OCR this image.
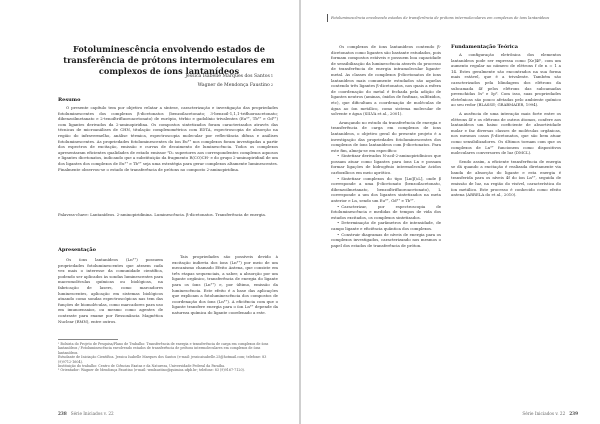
Fotoluminescência envolvendo estados de transferência de prótons intermoleculares em complexos de íons lantanídeos
Jessica Isabelle Marques dos Santos 1
Wagner de Mendonça Faustino 2
Resumo

O presente capítulo tem por objetivo relatar a síntese, caracterização e investigação das propriedades fotoluminescentes dos complexos β-dicetonatos (benzoilacetonato; 3-benzoil-1,1,1-trifluoroacetonato; dibenzoilmetanato e 2-tenoiltrifluoroacetonato) de európio, térbio e gadolínio trivalentes (Eu³⁺, Tb³⁺ e Gd³⁺) com ligantes derivados da 2-aminopiridina. Os compostos sintetizados foram caracterizados através das técnicas de microanálises de CHN, titulação complexométrica com EDTA, espectroscopia de absorção na região do infravermelho, análise térmica, espectroscopia molecular por reflectância difusa e análises fotoluminescentes. As propriedades fotoluminescentes do íon Eu³⁺ nos complexos foram investigadas a partir dos espectros de excitação, emissão e curvas de decaimento de luminescência. Todos os complexos apresentaram eficientes qualidades de estado emissor ⁵D₀ superiores aos correspondentes complexos aquosos e ligantes dicetonatos, indicando que a substituição da fragmento R(CO)CH- e do grupo 2-aminopiridinil de um dos ligantes dos complexos de Eu³⁺ e Tb³⁺ seja uma estratégia para gerar complexos altamente luminescentes. Finalmente observou-se o estado de transferência de prótons no composto 2-aminopiridina.

Palavras-chave: Lantanídeos. 2-aminopiridinina. Luminescência. β-dicetonatos. Transferência de energia.

Apresentação

Os íons lantanídeos (Ln³⁺) possuem propriedades fotoluminescentes que atraem cada vez mais o interesse da comunidade científica, podendo ser aplicados às sondas luminescentes para macromoléculas químicas ou biológicas, na fabricação de lasers, como marcadores luminescentes, aplicação em sistemas biológicos atuando como sondas espectroscópicas nas tem das funções de biomoléculas, como marcadores para uso em imunoensaios, ou mesmo como agentes de contraste para exame por Ressonância Magnética Nuclear (RMN), entre outros.

Tais propriedades são possíveis devido à excitação indireta dos íons (Ln³⁺) por meio de um mecanismo chamado Efeito Antena, que consiste em três etapas sequenciais, a saber, a absorção por um ligante orgânico, transferência de energia do ligante para os íons (Ln³⁺) e, por último, emissão da luminescência. Este efeito é a base das aplicações que explicam a fotoluminescência dos compostos de coordenação dos íons (Ln³⁺). A eficiência com que o ligante transfere energia para o íon Ln³⁺ depende da natureza química do ligante coordenado a este.

¹ Bolsista do Projeto de Pesquisa/Plano de Trabalho: Transferência de energia e transferência de carga em complexos de íons lantanídeos / Fotoluminescência envolvendo estados de transferência de prótons intermoleculares em complexos de íons lantanídeos.
Estudante de Iniciação Científica. Jessica Isabelle Marques dos Santos (e-mail: jessicaisabelle.25@hotmail.com; telefone: 83 (9)9712-1604).
Instituição do trabalho: Centro de Ciências Exatas e da Natureza, Universidade Federal da Paraíba.
² Orientador: Wagner de Mendonça Faustino (e-mail: wmfaustino@quimica.ufpb.br; telefone: 83 (9)9167-7120).
238 Série Iniciados v. 22
Fotoluminescência envolvendo estados de transferência de prótons intermoleculares em complexos de íons lantanídeos

Os complexos de íons lantanídeos contendo β-dicetonatos como ligantes são bastante estudados, pois formam compostos estáveis e possuem boa capacidade de sensibilização da luminescência através do processo de transferência de energia intramolecular ligante-metal. As classes de complexos β-dicetonatos de íons lantanídeos mais comumente estudados são aquelas contendo três ligantes β-dicetonatos, nos quais a esfera de coordenação do metal é fechada pela adição de ligantes neutros (aminas, óxidos de fosfinas, sulfóxidos, etc), que dificultam a coordenação de moléculas de água ao íon metálico, como sistema molecular de solvente e água (SILVA et al., 2001).

Avançando no estudo da transferência de energia e transferência de carga em complexos de íons lantanídeos, o objetivo geral do presente projeto é a investigação das propriedades fotoluminescentes dos complexos de íons lantanídeos com β-dicetonatos. Para este fim, almeja-se em específico:

• Sintetizar derivados N-acil-2-aminopiridínicos que possam atuar como ligantes para íons Ln e possam formar ligações de hidrogênio intermolecular ácidos carboxílicos em meio aprótico.
• Sintetizar complexos do tipo [Ln(β)₃L], onde β corresponde a uma β-dicetonato (benzoilacetonato, dibenzoilmetanato, benzoiltrifluoroacetonato), L corresponde a um dos ligantes sintetizados na meta anterior e Ln, sendo um Eu³⁺, Gd³⁺ e Tb³⁺.
• Caracterizar, por espectroscopia de fotoluminescência e medidas de tempos de vida dos estados excitados, os complexos sintetizados.
• Determinação de parâmetros de intensidade, de campo ligante e eficiência quântica dos complexos.
• Construir diagramas de níveis de energia para os complexos investigados, caracterizando nos mesmos o papel dos estados de transferência de próton.
Fundamentação Teórica

A configuração eletrônica dos elementos lantanídeos pode ser expressa como [Xe]4fⁿ, com um aumento regular no número de elétrons f de n = 1 a 14. Estes geralmente são encontrados na sua forma mais estável, que é a trivalente. Também são caracterizados pela blindagem dos elétrons da subcamada 4f pelos elétrons das subcamadas preenchidas 5s² e 5p⁶. Com isso, suas propriedades eletrônicas são pouco afetadas pelo ambiente químico ao seu redor (BLASSE; GRABMAIER, 1994).

A ausência de uma interação mais forte entre os elétrons 4f e os elétrons de outros átomos, confere aos lantanídeos um baixo coeficiente de absortividade molar e faz diversas classes de moléculas orgânicas, nos mesmos casos β-dicetonatos, que são bem atuar como sensibilizadores. Os últimos tornam com que os complexos de Ln³⁺ funcionem como dispositivos moleculares conversores de luz (DMCL).

Sendo assim, a eficiente transferência de energia se dá quando a excitação é realizada diretamente via banda de absorção do ligante e esta energia é transferida para os níveis 4f do íon Ln³⁺, seguida de emissão de luz, na região do visível, característica do íon metálico. Este processo é conhecido como efeito antena (ARRELA do et al., 2010).

Série Iniciados v. 22 239
